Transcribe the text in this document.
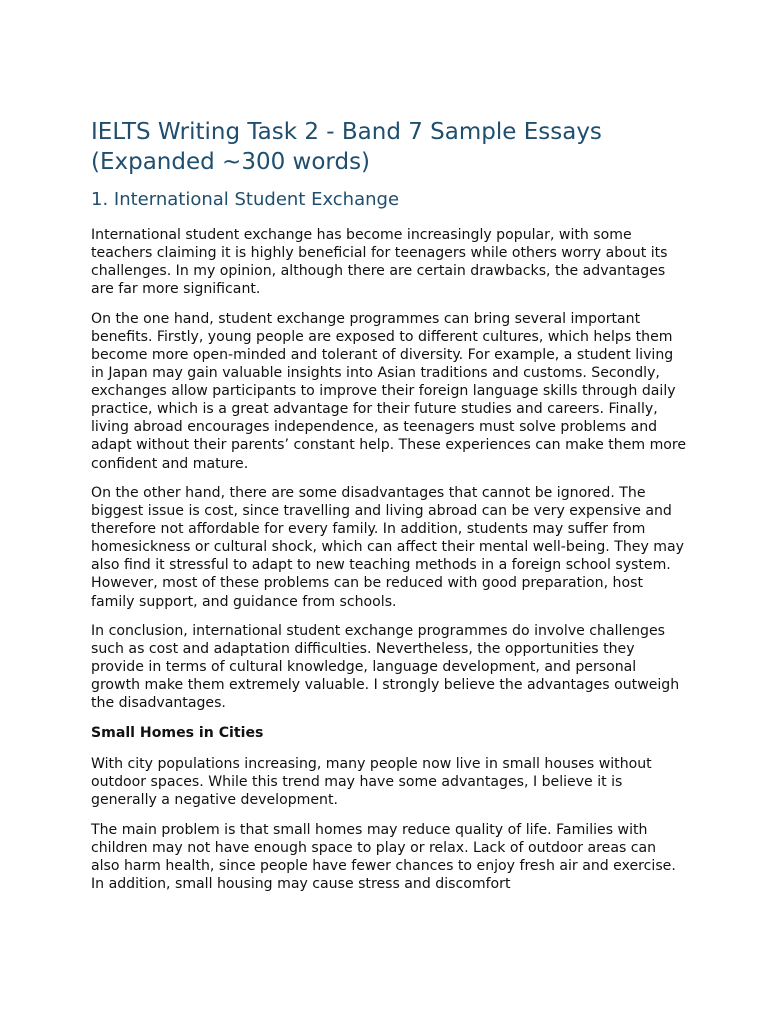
IELTS Writing Task 2 - Band 7 Sample Essays (Expanded ~300 words)
1. International Student Exchange

International student exchange has become increasingly popular, with some teachers claiming it is highly beneficial for teenagers while others worry about its challenges. In my opinion, although there are certain drawbacks, the advantages are far more significant.

On the one hand, student exchange programmes can bring several important benefits. Firstly, young people are exposed to different cultures, which helps them become more open-minded and tolerant of diversity. For example, a student living in Japan may gain valuable insights into Asian traditions and customs. Secondly, exchanges allow participants to improve their foreign language skills through daily practice, which is a great advantage for their future studies and careers. Finally, living abroad encourages independence, as teenagers must solve problems and adapt without their parents’ constant help. These experiences can make them more confident and mature.

On the other hand, there are some disadvantages that cannot be ignored. The biggest issue is cost, since travelling and living abroad can be very expensive and therefore not affordable for every family. In addition, students may suffer from homesickness or cultural shock, which can affect their mental well-being. They may also find it stressful to adapt to new teaching methods in a foreign school system. However, most of these problems can be reduced with good preparation, host family support, and guidance from schools.

In conclusion, international student exchange programmes do involve challenges such as cost and adaptation difficulties. Nevertheless, the opportunities they provide in terms of cultural knowledge, language development, and personal growth make them extremely valuable. I strongly believe the advantages outweigh the disadvantages.

Small Homes in Cities

With city populations increasing, many people now live in small houses without outdoor spaces. While this trend may have some advantages, I believe it is generally a negative development.

The main problem is that small homes may reduce quality of life. Families with children may not have enough space to play or relax. Lack of outdoor areas can also harm health, since people have fewer chances to enjoy fresh air and exercise. In addition, small housing may cause stress and discomfort
